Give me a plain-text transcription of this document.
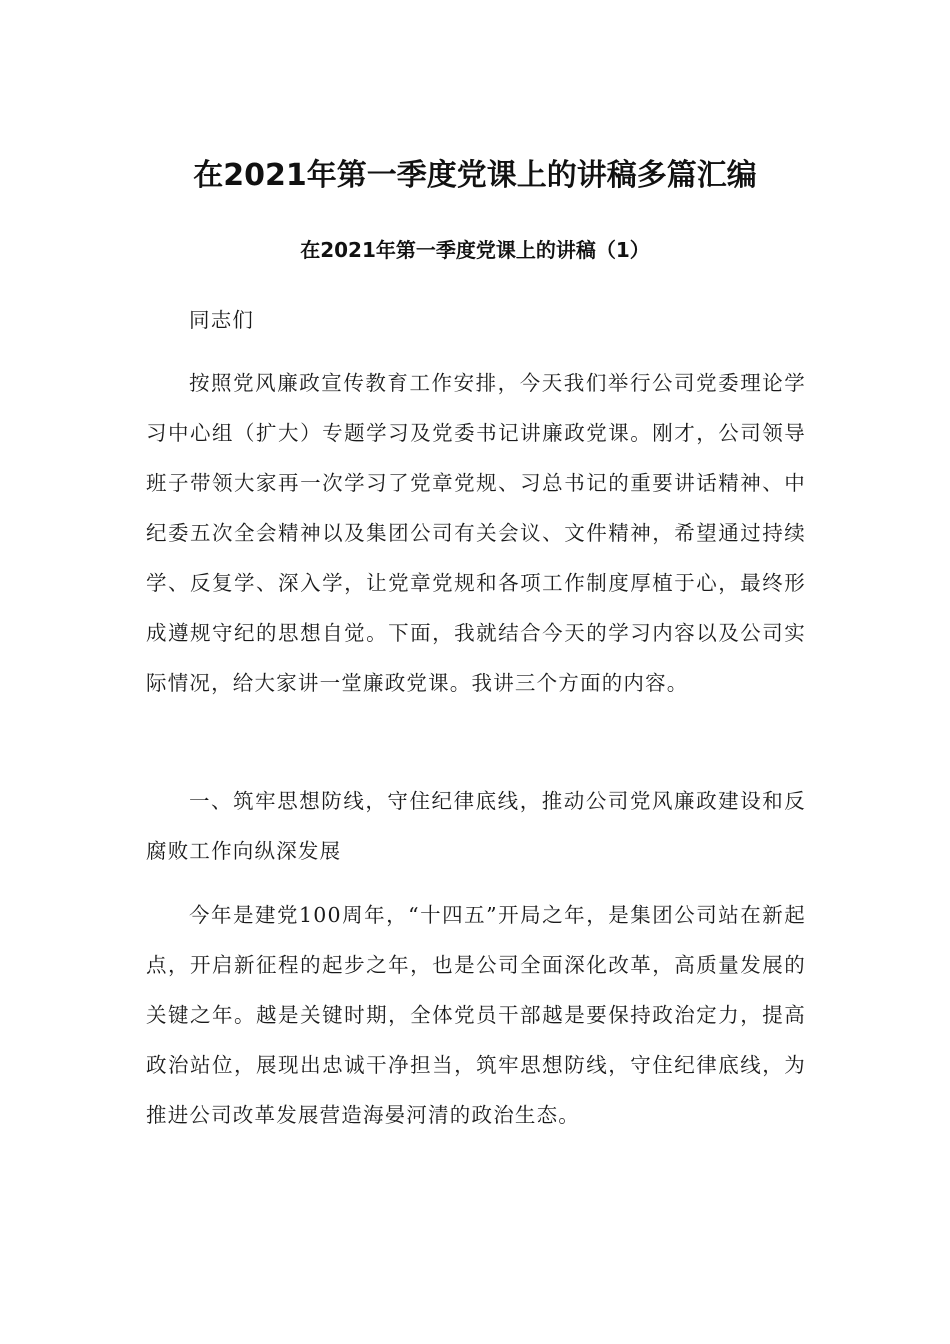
在2021年第一季度党课上的讲稿多篇汇编
在2021年第一季度党课上的讲稿（1）

同志们

按照党风廉政宣传教育工作安排，今天我们举行公司党委理论学习中心组（扩大）专题学习及党委书记讲廉政党课。刚才，公司领导班子带领大家再一次学习了党章党规、习总书记的重要讲话精神、中纪委五次全会精神以及集团公司有关会议、文件精神，希望通过持续学、反复学、深入学，让党章党规和各项工作制度厚植于心，最终形成遵规守纪的思想自觉。下面，我就结合今天的学习内容以及公司实际情况，给大家讲一堂廉政党课。我讲三个方面的内容。

一、筑牢思想防线，守住纪律底线，推动公司党风廉政建设和反腐败工作向纵深发展

今年是建党100周年，“十四五”开局之年，是集团公司站在新起点，开启新征程的起步之年，也是公司全面深化改革，高质量发展的关键之年。越是关键时期，全体党员干部越是要保持政治定力，提高政治站位，展现出忠诚干净担当，筑牢思想防线，守住纪律底线，为推进公司改革发展营造海晏河清的政治生态。
